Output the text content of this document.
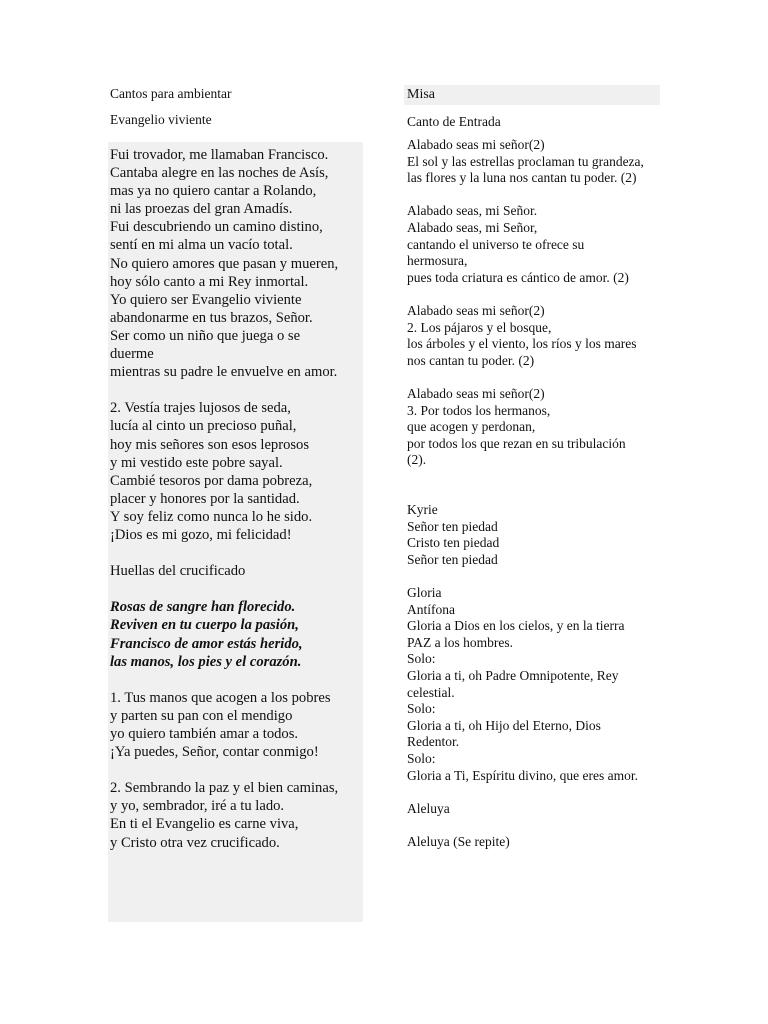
Cantos para ambientar
Evangelio viviente
Fui trovador, me llamaban Francisco.
Cantaba alegre en las noches de Asís,
mas ya no quiero cantar a Rolando,
ni las proezas del gran Amadís.
Fui descubriendo un camino distino,
sentí en mi alma un vacío total.
No quiero amores que pasan y mueren,
hoy sólo canto a mi Rey inmortal.
Yo quiero ser Evangelio viviente
abandonarme en tus brazos, Señor.
Ser como un niño que juega o se
duerme
mientras su padre le envuelve en amor.
2. Vestía trajes lujosos de seda,
lucía al cinto un precioso puñal,
hoy mis señores son esos leprosos
y mi vestido este pobre sayal.
Cambié tesoros por dama pobreza,
placer y honores por la santidad.
Y soy feliz como nunca lo he sido.
¡Dios es mi gozo, mi felicidad!
Huellas del crucificado
Rosas de sangre han florecido.
Reviven en tu cuerpo la pasión,
Francisco de amor estás herido,
las manos, los pies y el corazón.
1. Tus manos que acogen a los pobres
y parten su pan con el mendigo
yo quiero también amar a todos.
¡Ya puedes, Señor, contar conmigo!
2. Sembrando la paz y el bien caminas,
y yo, sembrador, iré a tu lado.
En ti el Evangelio es carne viva,
y Cristo otra vez crucificado.
Misa
Canto de Entrada
Alabado seas mi señor(2)
El sol y las estrellas proclaman tu grandeza,
las flores y la luna nos cantan tu poder. (2)
Alabado seas, mi Señor.
Alabado seas, mi Señor,
cantando el universo te ofrece su
hermosura,
pues toda criatura es cántico de amor. (2)
Alabado seas mi señor(2)
2. Los pájaros y el bosque,
los árboles y el viento, los ríos y los mares
nos cantan tu poder. (2)
Alabado seas mi señor(2)
3. Por todos los hermanos,
que acogen y perdonan,
por todos los que rezan en su tribulación
(2).
Kyrie
Señor ten piedad
Cristo ten piedad
Señor ten piedad
Gloria
Antífona
Gloria a Dios en los cielos, y en la tierra
PAZ a los hombres.
Solo:
Gloria a ti, oh Padre Omnipotente, Rey
celestial.
Solo:
Gloria a ti, oh Hijo del Eterno, Dios
Redentor.
Solo:
Gloria a Ti, Espíritu divino, que eres amor.
Aleluya
Aleluya (Se repite)
